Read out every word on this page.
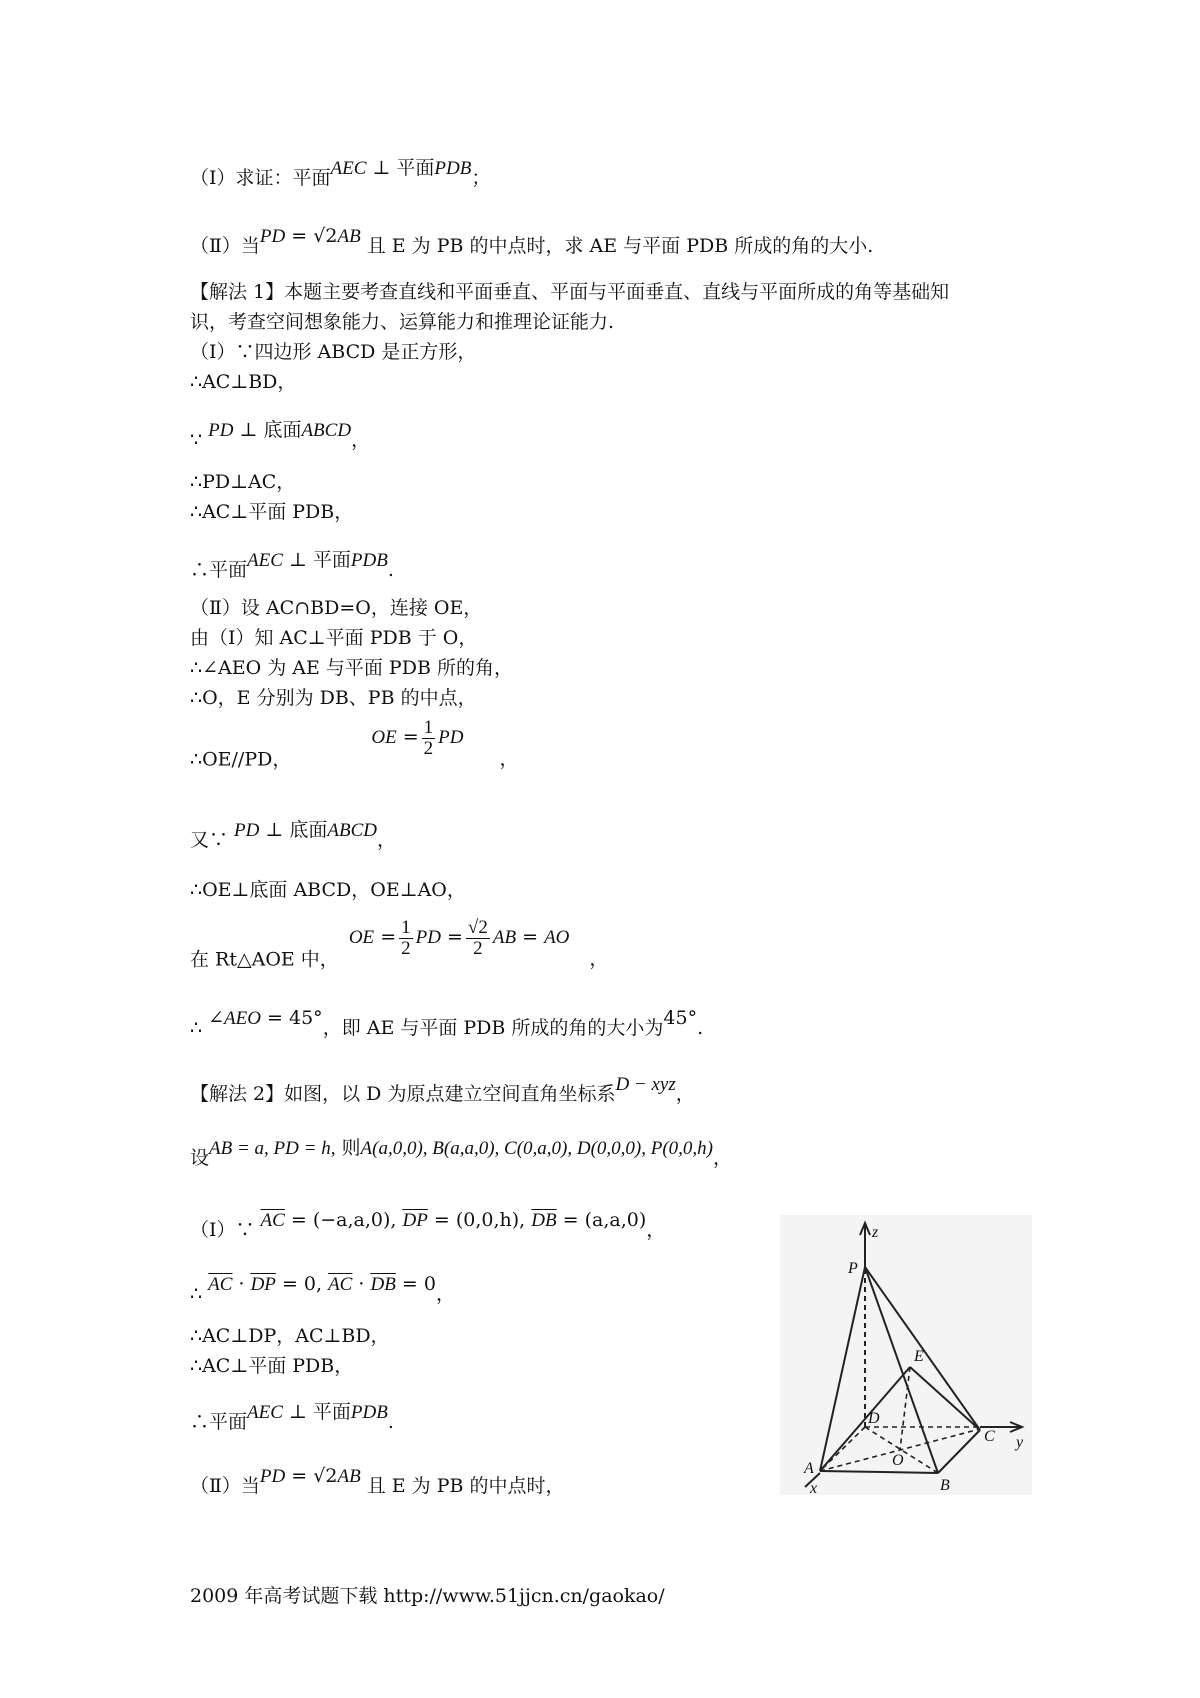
（Ⅰ）求证：平面AEC ⊥ 平面PDB；
（Ⅱ）当PD = √2AB 且 E 为 PB 的中点时，求 AE 与平面 PDB 所成的角的大小.
【解法 1】本题主要考查直线和平面垂直、平面与平面垂直、直线与平面所成的角等基础知
识，考查空间想象能力、运算能力和推理论证能力.
（Ⅰ）∵四边形 ABCD 是正方形，
∴AC⊥BD，
∵ PD ⊥ 底面ABCD，
∴PD⊥AC，
∴AC⊥平面 PDB，
∴平面AEC ⊥ 平面PDB.
（Ⅱ）设 AC∩BD=O，连接 OE，
由（Ⅰ）知 AC⊥平面 PDB 于 O，
∴∠AEO 为 AE 与平面 PDB 所的角，
∴O，E 分别为 DB、PB 的中点，
∴OE//PD，OE = $\frac{1}{2}$ PD ，
又∵ PD ⊥ 底面ABCD，
∴OE⊥底面 ABCD，OE⊥AO，
在 Rt△AOE 中，OE = $\frac{1}{2}$ PD = $\frac{√2}{2}$ AB = AO，
∴ ∠AEO = 45°，即 AE 与平面 PDB 所成的角的大小为45°.
【解法 2】如图，以 D 为原点建立空间直角坐标系D − xyz，
设AB = a, PD = h, 则A(a,0,0), B(a,a,0), C(0,a,0), D(0,0,0), P(0,0,h)，
（Ⅰ）∵ $\overline{AC} = (-a,a,0)$, $\overline{DP} = (0,0,h)$, $\overline{DB} = (a,a,0)$，
∴ $\overline{AC} \cdot \overline{DP} = 0$, $\overline{AC} \cdot \overline{DB} = 0$，
∴AC⊥DP，AC⊥BD，
∴AC⊥平面 PDB，
∴平面AEC ⊥ 平面PDB.
（Ⅱ）当PD = √2AB 且 E 为 PB 的中点时，
z
P
E
D
C y
A	O
B
x
2009 年高考试题下载 http://www.51jjcn.cn/gaokao/
